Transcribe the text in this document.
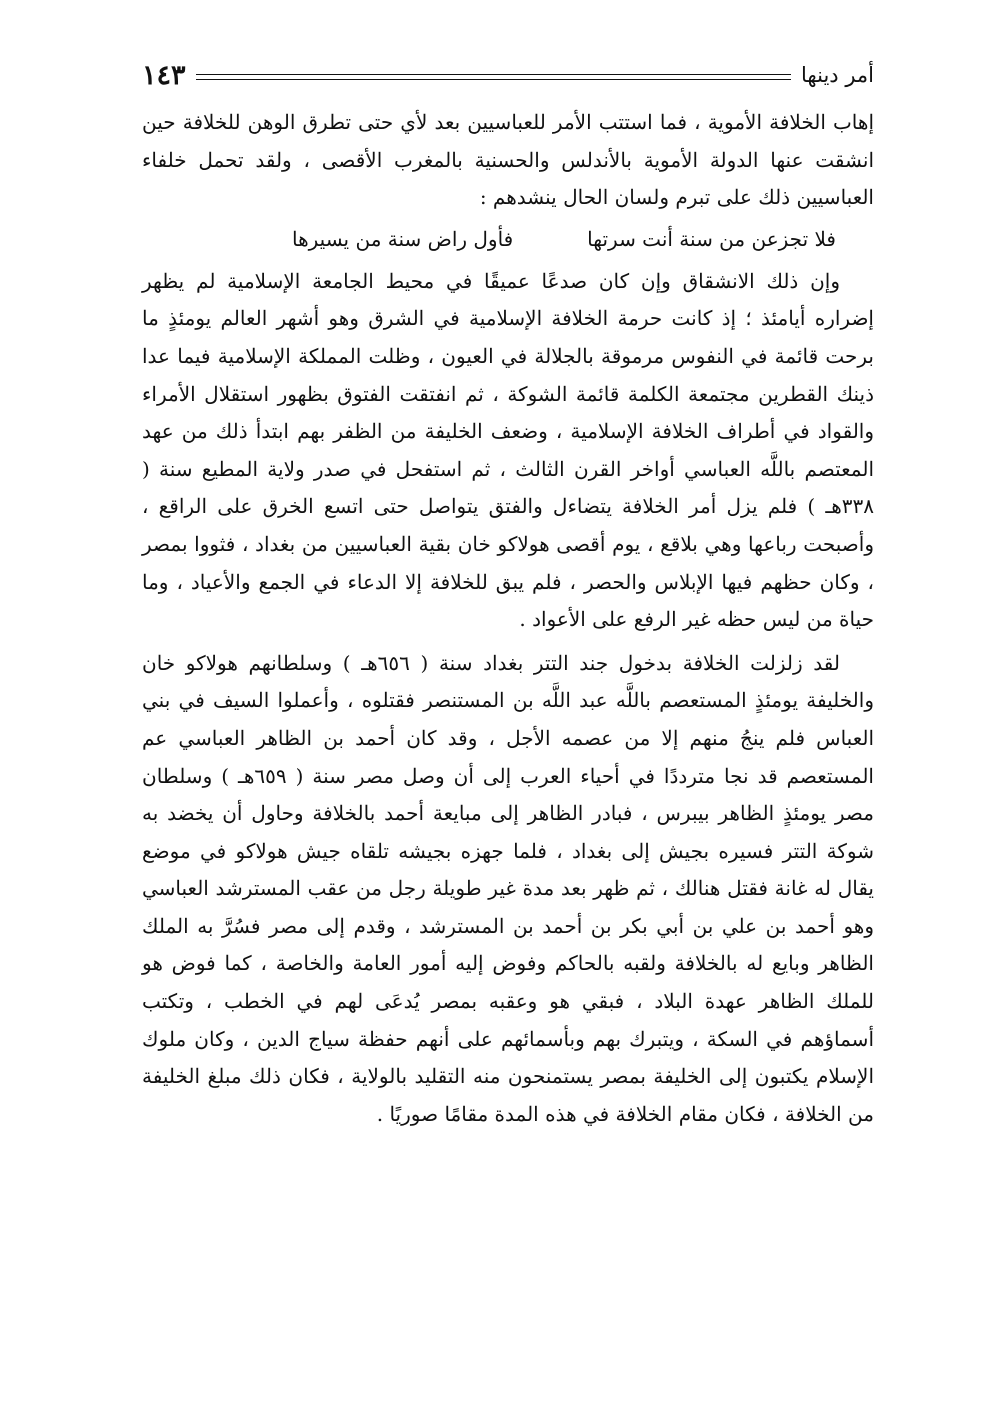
أمر دينها
١٤٣

إهاب الخلافة الأموية ، فما استتب الأمر للعباسيين بعد لأي حتى تطرق الوهن للخلافة حين انشقت عنها الدولة الأموية بالأندلس والحسنية بالمغرب الأقصى ، ولقد تحمل خلفاء العباسيين ذلك على تبرم ولسان الحال ينشدهم :

فلا تجزعن من سنة أنت سرتها
فأول راض سنة من يسيرها

وإن ذلك الانشقاق وإن كان صدعًا عميقًا في محيط الجامعة الإسلامية لم يظهر إضراره أيامئذ ؛ إذ كانت حرمة الخلافة الإسلامية في الشرق وهو أشهر العالم يومئذٍ ما برحت قائمة في النفوس مرموقة بالجلالة في العيون ، وظلت المملكة الإسلامية فيما عدا ذينك القطرين مجتمعة الكلمة قائمة الشوكة ، ثم انفتقت الفتوق بظهور استقلال الأمراء والقواد في أطراف الخلافة الإسلامية ، وضعف الخليفة من الظفر بهم ابتدأ ذلك من عهد المعتصم باللَّه العباسي أواخر القرن الثالث ، ثم استفحل في صدر ولاية المطيع سنة ( ٣٣٨هـ ) فلم يزل أمر الخلافة يتضاءل والفتق يتواصل حتى اتسع الخرق على الراقع ، وأصبحت رباعها وهي بلاقع ، يوم أقصى هولاكو خان بقية العباسيين من بغداد ، فثووا بمصر ، وكان حظهم فيها الإبلاس والحصر ، فلم يبق للخلافة إلا الدعاء في الجمع والأعياد ، وما حياة من ليس حظه غير الرفع على الأعواد .

لقد زلزلت الخلافة بدخول جند التتر بغداد سنة ( ٦٥٦هـ ) وسلطانهم هولاكو خان والخليفة يومئذٍ المستعصم باللَّه عبد اللَّه بن المستنصر فقتلوه ، وأعملوا السيف في بني العباس فلم ينجُ منهم إلا من عصمه الأجل ، وقد كان أحمد بن الظاهر العباسي عم المستعصم قد نجا مترددًا في أحياء العرب إلى أن وصل مصر سنة ( ٦٥٩هـ ) وسلطان مصر يومئذٍ الظاهر بيبرس ، فبادر الظاهر إلى مبايعة أحمد بالخلافة وحاول أن يخضد به شوكة التتر فسيره بجيش إلى بغداد ، فلما جهزه بجيشه تلقاه جيش هولاكو في موضع يقال له غانة فقتل هنالك ، ثم ظهر بعد مدة غير طويلة رجل من عقب المسترشد العباسي وهو أحمد بن علي بن أبي بكر بن أحمد بن المسترشد ، وقدم إلى مصر فسُرَّ به الملك الظاهر وبايع له بالخلافة ولقبه بالحاكم وفوض إليه أمور العامة والخاصة ، كما فوض هو للملك الظاهر عهدة البلاد ، فبقي هو وعقبه بمصر يُدعَى لهم في الخطب ، وتكتب أسماؤهم في السكة ، ويتبرك بهم وبأسمائهم على أنهم حفظة سياج الدين ، وكان ملوك الإسلام يكتبون إلى الخليفة بمصر يستمنحون منه التقليد بالولاية ، فكان ذلك مبلغ الخليفة من الخلافة ، فكان مقام الخلافة في هذه المدة مقامًا صوريًا .
